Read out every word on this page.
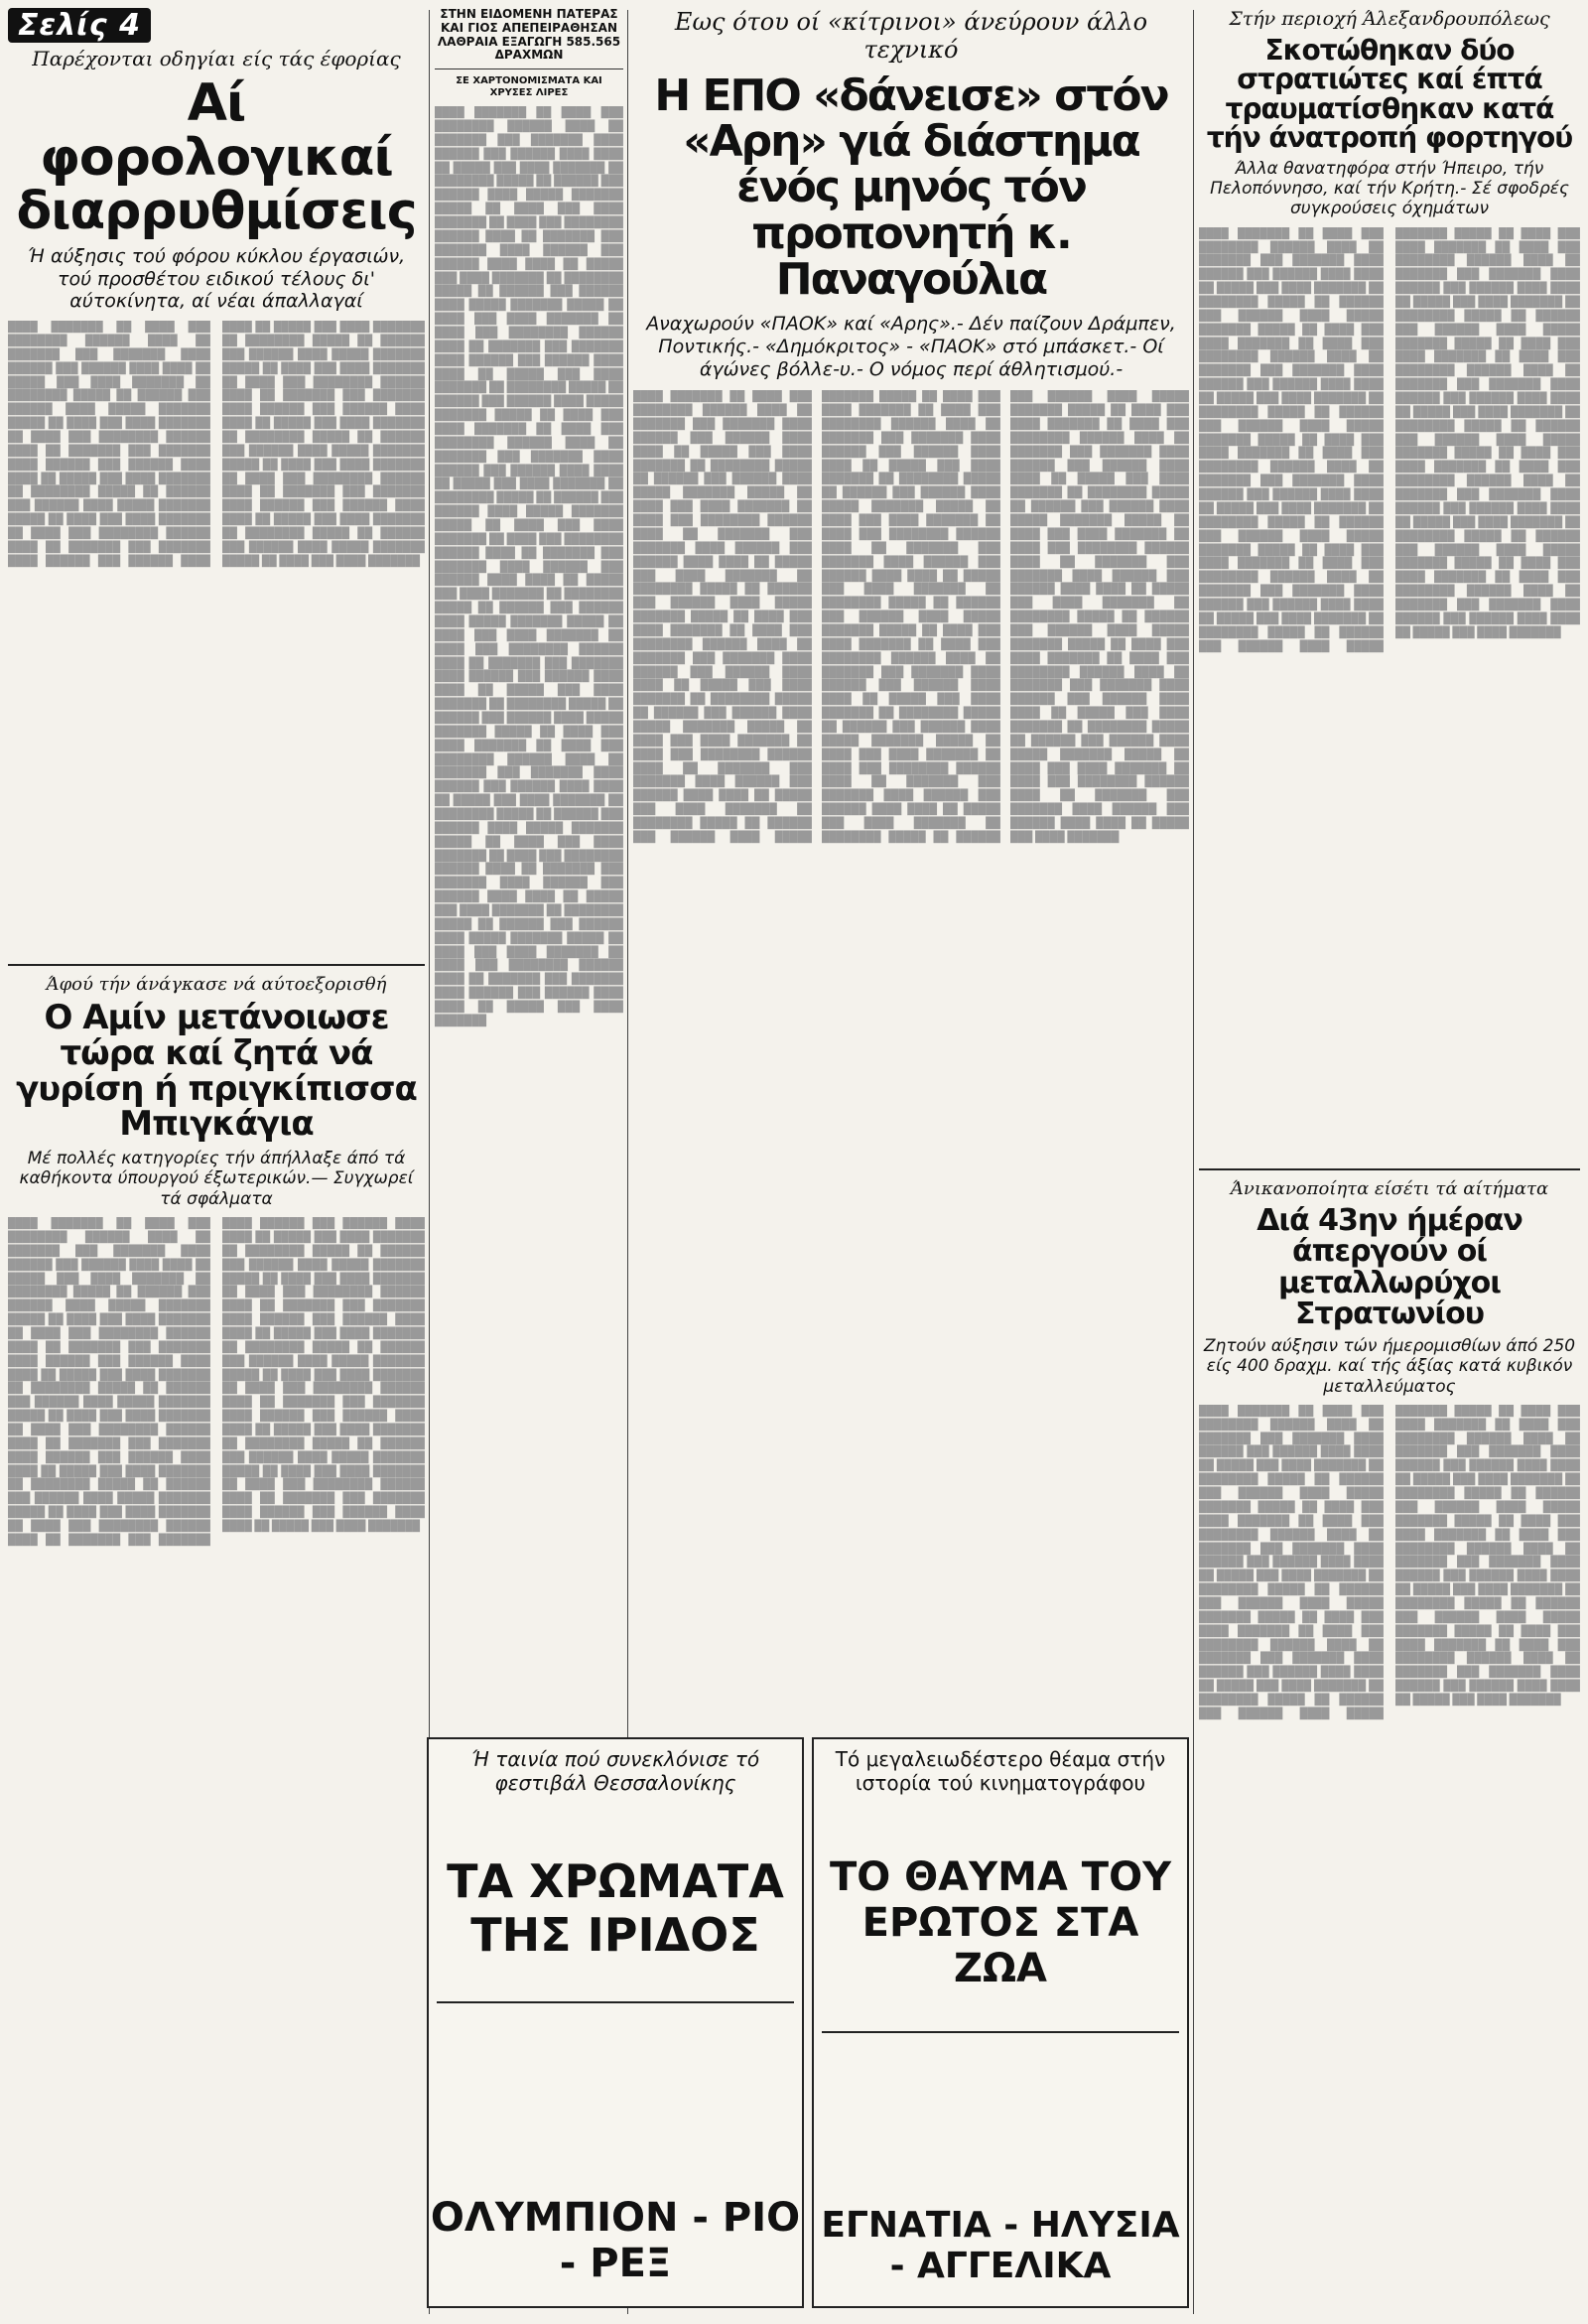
Σελίς 4
Παρέχονται οδηγίαι είς τάς έφορίας
Αί φορολογικαί διαρρυθμίσεις
Ή αύξησις τού φόρου κύκλου έργασιών, τού προσθέτου ειδικού τέλους δι' αύτοκίνητα, αί νέαι άπαλλαγαί
████ ███████ ██ ████ ███ ████████ ██████ ████ ██ ███████ ███ ███████ ████ ██████ ███ ██████ ████ ████ ██ █████ ███ ████ ███████ ██ ████████ █████ ██ ██████ ███ ██████ ████ █████ ███████ █████ ██ ████ ███ ████ ███████ ██ ████ ███ ████████ ██████ ████ ██ ███████ ███ ███████ ████ ██████ ███ ██████ ████ ████ ██ █████ ███ ████ ███████ ██ ████████ █████ ██ ██████ ███ ██████ ████ █████ ███████ █████ ██ ████ ███ ████ ███████ ██ ████ ███ ████████ ██████ ████ ██ ███████ ███ ███████ ████ ██████ ███ ██████ ████ ████ ██ █████ ███ ████ ███████ ██ ████████ █████ ██ ██████ ███ ██████ ████ █████ ███████ █████ ██ ████ ███ ████ ███████ ██ ████ ███ ████████ ██████ ████ ██ ███████ ███ ███████ ████ ██████ ███ ██████ ████ ████ ██ █████ ███ ████ ███████ ██ ████████ █████ ██ ██████ ███ ██████ ████ █████ ███████ █████ ██ ████ ███ ████ ███████ ██ ████ ███ ████████ ██████ ████ ██ ███████ ███ ███████ ████ ██████ ███ ██████ ████ ████ ██ █████ ███ ████ ███████ ██ ████████ █████ ██ ██████ ███ ██████ ████ █████ ███████ █████ ██ ████ ███ ████ ███████
Άφού τήν άνάγκασε νά αύτοεξορισθή
Ο Αμίν μετάνοιωσε τώρα καί ζητά νά γυρίση ή πριγκίπισσα Μπιγκάγια
Μέ πολλές κατηγορίες τήν άπήλλαξε άπό τά καθήκοντα ύπουργού έξωτερικών.— Συγχωρεί τά σφάλματα
████ ███████ ██ ████ ███ ████████ ██████ ████ ██ ███████ ███ ███████ ████ ██████ ███ ██████ ████ ████ ██ █████ ███ ████ ███████ ██ ████████ █████ ██ ██████ ███ ██████ ████ █████ ███████ █████ ██ ████ ███ ████ ███████ ██ ████ ███ ████████ ██████ ████ ██ ███████ ███ ███████ ████ ██████ ███ ██████ ████ ████ ██ █████ ███ ████ ███████ ██ ████████ █████ ██ ██████ ███ ██████ ████ █████ ███████ █████ ██ ████ ███ ████ ███████ ██ ████ ███ ████████ ██████ ████ ██ ███████ ███ ███████ ████ ██████ ███ ██████ ████ ████ ██ █████ ███ ████ ███████ ██ ████████ █████ ██ ██████ ███ ██████ ████ █████ ███████ █████ ██ ████ ███ ████ ███████ ██ ████ ███ ████████ ██████ ████ ██ ███████ ███ ███████ ████ ██████ ███ ██████ ████ ████ ██ █████ ███ ████ ███████ ██ ████████ █████ ██ ██████ ███ ██████ ████ █████ ███████ █████ ██ ████ ███ ████ ███████ ██ ████ ███ ████████ ██████ ████ ██ ███████ ███ ███████ ████ ██████ ███ ██████ ████ ████ ██ █████ ███ ████ ███████ ██ ████████ █████ ██ ██████ ███ ██████ ████ █████ ███████ █████ ██ ████ ███ ████ ███████ ██ ████ ███ ████████ ██████ ████ ██ ███████ ███ ███████ ████ ██████ ███ ██████ ████ ████ ██ █████ ███ ████ ███████ ██ ████████ █████ ██ ██████ ███ ██████ ████ █████ ███████ █████ ██ ████ ███ ████ ███████ ██ ████ ███ ████████ ██████ ████ ██ ███████ ███ ███████ ████ ██████ ███ ██████ ████ ████ ██ █████ ███ ████ ███████
ΣΤΗΝ ΕΙΔΟΜΕΝΗ ΠΑΤΕΡΑΣ ΚΑΙ ΓΙΟΣ ΑΠΕΠΕΙΡΑΘΗΣΑΝ ΛΑΘΡΑΙΑ ΕΞΑΓΩΓΗ 585.565 ΔΡΑΧΜΩΝ
ΣΕ ΧΑΡΤΟΝΟΜΙΣΜΑΤΑ ΚΑΙ ΧΡΥΣΕΣ ΛΙΡΕΣ
████ ███████ ██ ████ ███ ████████ ██████ ████ ██ ███████ ███ ███████ ████ ██████ ███ ██████ ████ ████ ██ █████ ███ ████ ███████ ██ ████████ █████ ██ ██████ ███ ██████ ████ █████ ███████ █████ ██ ████ ███ ████ ███████ ██ ████ ███ ████████ ██████ ████ ██ ███████ ███ ███████ ████ ██████ ███ ██████ ████ ████ ██ █████ ███ ████ ███████ ██ ████████ █████ ██ ██████ ███ ██████ ████ █████ ███████ █████ ██ ████ ███ ████ ███████ ██ ████ ███ ████████ ██████ ████ ██ ███████ ███ ███████ ████ ██████ ███ ██████ ████ ████ ██ █████ ███ ████ ███████ ██ ████████ █████ ██ ██████ ███ ██████ ████ █████ ███████ █████ ██ ████ ███ ████ ███████ ██ ████ ███ ████████ ██████ ████ ██ ███████ ███ ███████ ████ ██████ ███ ██████ ████ ████ ██ █████ ███ ████ ███████ ██ ████████ █████ ██ ██████ ███ ██████ ████ █████ ███████ █████ ██ ████ ███ ████ ███████ ██ ████ ███ ████████ ██████ ████ ██ ███████ ███ ███████ ████ ██████ ███ ██████ ████ ████ ██ █████ ███ ████ ███████ ██ ████████ █████ ██ ██████ ███ ██████ ████ █████ ███████ █████ ██ ████ ███ ████ ███████ ██ ████ ███ ████████ ██████ ████ ██ ███████ ███ ███████ ████ ██████ ███ ██████ ████ ████ ██ █████ ███ ████ ███████ ██ ████████ █████ ██ ██████ ███ ██████ ████ █████ ███████ █████ ██ ████ ███ ████ ███████ ██ ████ ███ ████████ ██████ ████ ██ ███████ ███ ███████ ████ ██████ ███ ██████ ████ ████ ██ █████ ███ ████ ███████ ██ ████████ █████ ██ ██████ ███ ██████ ████ █████ ███████ █████ ██ ████ ███ ████ ███████ ██ ████ ███ ████████ ██████ ████ ██ ███████ ███ ███████ ████ ██████ ███ ██████ ████ ████ ██ █████ ███ ████ ███████ ██ ████████ █████ ██ ██████ ███ ██████ ████ █████ ███████ █████ ██ ████ ███ ████ ███████ ██ ████ ███ ████████ ██████ ████ ██ ███████ ███ ███████ ████ ██████ ███ ██████ ████ ████ ██ █████ ███ ████ ███████
Εως ότου οί «κίτρινοι» άνεύρουν άλλο τεχνικό
Η ΕΠΟ «δάνεισε» στόν «Αρη» γιά διάστημα ένός μηνός τόν προπονητή κ. Παναγούλια
Αναχωρούν «ΠΑΟΚ» καί «Αρης».- Δέν παίζουν Δράμπεν, Ποντικής.- «Δημόκριτος» - «ΠΑΟΚ» στό μπάσκετ.- Οί άγώνες βόλλε-υ.- Ο νόμος περί άθλητισμού.-
████ ███████ ██ ████ ███ ████████ ██████ ████ ██ ███████ ███ ███████ ████ ██████ ███ ██████ ████ ████ ██ █████ ███ ████ ███████ ██ ████████ █████ ██ ██████ ███ ██████ ████ █████ ███████ █████ ██ ████ ███ ████ ███████ ██ ████ ███ ████████ ██████ ████ ██ ███████ ███ ███████ ████ ██████ ███ ██████ ████ ████ ██ █████ ███ ████ ███████ ██ ████████ █████ ██ ██████ ███ ██████ ████ █████ ███████ █████ ██ ████ ███ ████ ███████ ██ ████ ███ ████████ ██████ ████ ██ ███████ ███ ███████ ████ ██████ ███ ██████ ████ ████ ██ █████ ███ ████ ███████ ██ ████████ █████ ██ ██████ ███ ██████ ████ █████ ███████ █████ ██ ████ ███ ████ ███████ ██ ████ ███ ████████ ██████ ████ ██ ███████ ███ ███████ ████ ██████ ███ ██████ ████ ████ ██ █████ ███ ████ ███████ ██ ████████ █████ ██ ██████ ███ ██████ ████ █████ ███████ █████ ██ ████ ███ ████ ███████ ██ ████ ███ ████████ ██████ ████ ██ ███████ ███ ███████ ████ ██████ ███ ██████ ████ ████ ██ █████ ███ ████ ███████ ██ ████████ █████ ██ ██████ ███ ██████ ████ █████ ███████ █████ ██ ████ ███ ████ ███████ ██ ████ ███ ████████ ██████ ████ ██ ███████ ███ ███████ ████ ██████ ███ ██████ ████ ████ ██ █████ ███ ████ ███████ ██ ████████ █████ ██ ██████ ███ ██████ ████ █████ ███████ █████ ██ ████ ███ ████ ███████ ██ ████ ███ ████████ ██████ ████ ██ ███████ ███ ███████ ████ ██████ ███ ██████ ████ ████ ██ █████ ███ ████ ███████ ██ ████████ █████ ██ ██████ ███ ██████ ████ █████ ███████ █████ ██ ████ ███ ████ ███████ ██ ████ ███ ████████ ██████ ████ ██ ███████ ███ ███████ ████ ██████ ███ ██████ ████ ████ ██ █████ ███ ████ ███████ ██ ████████ █████ ██ ██████ ███ ██████ ████ █████ ███████ █████ ██ ████ ███ ████ ███████ ██ ████ ███ ████████ ██████ ████ ██ ███████ ███ ███████ ████ ██████ ███ ██████ ████ ████ ██ █████ ███ ████ ███████ ██ ████████ █████ ██ ██████ ███ ██████ ████ █████ ███████ █████ ██ ████ ███ ████ ███████ ██ ████ ███ ████████ ██████ ████ ██ ███████ ███ ███████ ████ ██████ ███ ██████ ████ ████ ██ █████ ███ ████ ███████ ██ ████████ █████ ██ ██████ ███ ██████ ████ █████ ███████ █████ ██ ████ ███ ████ ███████ ██ ████ ███ ████████ ██████ ████ ██ ███████ ███ ███████ ████ ██████ ███ ██████ ████ ████ ██ █████ ███ ████ ███████ ██ ████████ █████ ██ ██████ ███ ██████ ████ █████ ███████ █████ ██ ████ ███ ████ ███████ ██ ████ ███ ████████ ██████ ████ ██ ███████ ███ ███████ ████ ██████ ███ ██████ ████ ████ ██ █████ ███ ████ ███████
Ή ταινία πού συνεκλόνισε τό φεστιβάλ Θεσσαλονίκης
ΤΑ ΧΡΩΜΑΤΑ ΤΗΣ ΙΡΙΔΟΣ
ΟΛΥΜΠΙΟΝ - ΡΙΟ - ΡΕΞ
Τό μεγαλειωδέστερο θέαμα στήν ιστορία τού κινηματογράφου
ΤΟ ΘΑΥΜΑ ΤΟΥ ΕΡΩΤΟΣ ΣΤΑ ΖΩΑ
ΕΓΝΑΤΙΑ - ΗΛΥΣΙΑ - ΑΓΓΕΛΙΚΑ
Στήν περιοχή Άλεξανδρουπόλεως
Σκοτώθηκαν δύο στρατιώτες καί έπτά τραυματίσθηκαν κατά τήν άνατροπή φορτηγού
Άλλα θανατηφόρα στήν Ήπειρο, τήν Πελοπόννησο, καί τήν Κρήτη.- Σέ σφοδρές συγκρούσεις όχημάτων
████ ███████ ██ ████ ███ ████████ ██████ ████ ██ ███████ ███ ███████ ████ ██████ ███ ██████ ████ ████ ██ █████ ███ ████ ███████ ██ ████████ █████ ██ ██████ ███ ██████ ████ █████ ███████ █████ ██ ████ ███ ████ ███████ ██ ████ ███ ████████ ██████ ████ ██ ███████ ███ ███████ ████ ██████ ███ ██████ ████ ████ ██ █████ ███ ████ ███████ ██ ████████ █████ ██ ██████ ███ ██████ ████ █████ ███████ █████ ██ ████ ███ ████ ███████ ██ ████ ███ ████████ ██████ ████ ██ ███████ ███ ███████ ████ ██████ ███ ██████ ████ ████ ██ █████ ███ ████ ███████ ██ ████████ █████ ██ ██████ ███ ██████ ████ █████ ███████ █████ ██ ████ ███ ████ ███████ ██ ████ ███ ████████ ██████ ████ ██ ███████ ███ ███████ ████ ██████ ███ ██████ ████ ████ ██ █████ ███ ████ ███████ ██ ████████ █████ ██ ██████ ███ ██████ ████ █████ ███████ █████ ██ ████ ███ ████ ███████ ██ ████ ███ ████████ ██████ ████ ██ ███████ ███ ███████ ████ ██████ ███ ██████ ████ ████ ██ █████ ███ ████ ███████ ██ ████████ █████ ██ ██████ ███ ██████ ████ █████ ███████ █████ ██ ████ ███ ████ ███████ ██ ████ ███ ████████ ██████ ████ ██ ███████ ███ ███████ ████ ██████ ███ ██████ ████ ████ ██ █████ ███ ████ ███████ ██ ████████ █████ ██ ██████ ███ ██████ ████ █████ ███████ █████ ██ ████ ███ ████ ███████ ██ ████ ███ ████████ ██████ ████ ██ ███████ ███ ███████ ████ ██████ ███ ██████ ████ ████ ██ █████ ███ ████ ███████ ██ ████████ █████ ██ ██████ ███ ██████ ████ █████ ███████ █████ ██ ████ ███ ████ ███████ ██ ████ ███ ████████ ██████ ████ ██ ███████ ███ ███████ ████ ██████ ███ ██████ ████ ████ ██ █████ ███ ████ ███████
Άνικανοποίητα είσέτι τά αίτήματα
Διά 43ην ήμέραν άπεργούν οί μεταλλωρύχοι Στρατωνίου
Ζητούν αύξησιν τών ήμερομισθίων άπό 250 είς 400 δραχμ. καί τής άξίας κατά κυβικόν μεταλλεύματος
████ ███████ ██ ████ ███ ████████ ██████ ████ ██ ███████ ███ ███████ ████ ██████ ███ ██████ ████ ████ ██ █████ ███ ████ ███████ ██ ████████ █████ ██ ██████ ███ ██████ ████ █████ ███████ █████ ██ ████ ███ ████ ███████ ██ ████ ███ ████████ ██████ ████ ██ ███████ ███ ███████ ████ ██████ ███ ██████ ████ ████ ██ █████ ███ ████ ███████ ██ ████████ █████ ██ ██████ ███ ██████ ████ █████ ███████ █████ ██ ████ ███ ████ ███████ ██ ████ ███ ████████ ██████ ████ ██ ███████ ███ ███████ ████ ██████ ███ ██████ ████ ████ ██ █████ ███ ████ ███████ ██ ████████ █████ ██ ██████ ███ ██████ ████ █████ ███████ █████ ██ ████ ███ ████ ███████ ██ ████ ███ ████████ ██████ ████ ██ ███████ ███ ███████ ████ ██████ ███ ██████ ████ ████ ██ █████ ███ ████ ███████ ██ ████████ █████ ██ ██████ ███ ██████ ████ █████ ███████ █████ ██ ████ ███ ████ ███████ ██ ████ ███ ████████ ██████ ████ ██ ███████ ███ ███████ ████ ██████ ███ ██████ ████ ████ ██ █████ ███ ████ ███████ ██ ████████ █████ ██ ██████ ███ ██████ ████ █████ ███████ █████ ██ ████ ███ ████ ███████ ██ ████ ███ ████████ ██████ ████ ██ ███████ ███ ███████ ████ ██████ ███ ██████ ████ ████ ██ █████ ███ ████ ███████
